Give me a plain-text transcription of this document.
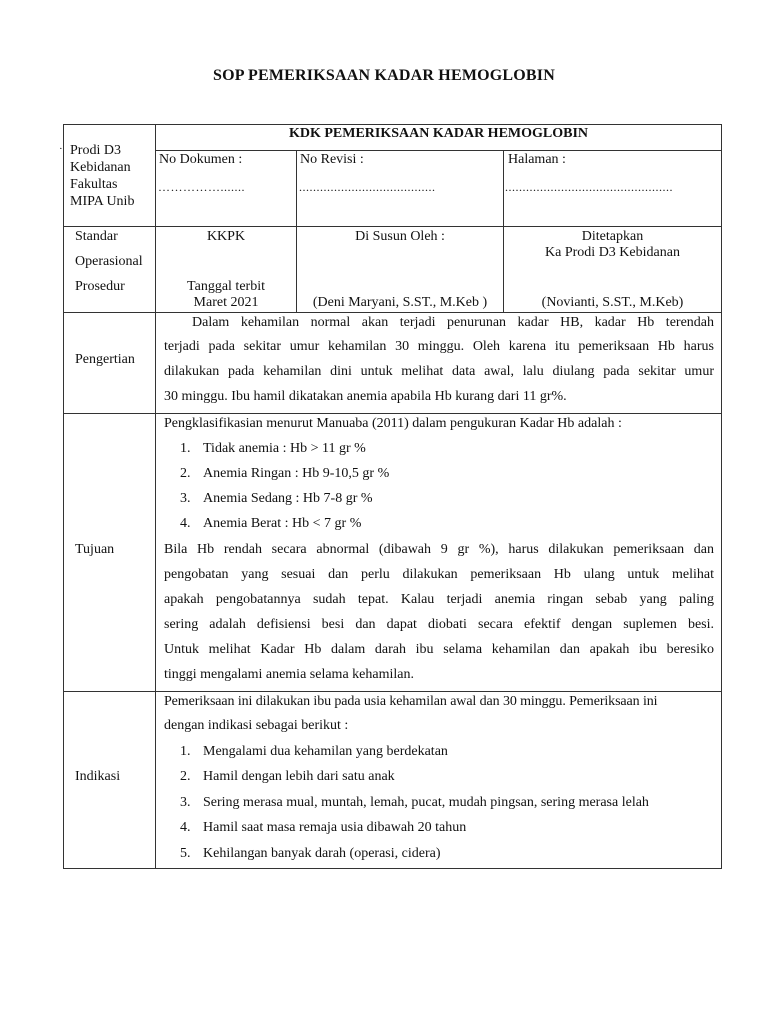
SOP PEMERIKSAAN KADAR HEMOGLOBIN
· Prodi D3
Kebidanan
Fakultas
MIPA Unib
KDK PEMERIKSAAN KADAR HEMOGLOBIN
No Dokumen :
…………….......
No Revisi :
.......................................
Halaman :
................................................
Standar
Operasional
Prosedur
KKPK
Tanggal terbit
Maret 2021
Di Susun Oleh :
(Deni Maryani, S.ST., M.Keb )
Ditetapkan
Ka Prodi D3 Kebidanan
(Novianti, S.ST., M.Keb)
Pengertian
Dalam kehamilan normal akan terjadi penurunan kadar HB, kadar Hb terendah
terjadi pada sekitar umur kehamilan 30 minggu. Oleh karena itu pemeriksaan Hb harus
dilakukan pada kehamilan dini untuk melihat data awal, lalu diulang pada sekitar umur
30 minggu. Ibu hamil dikatakan anemia apabila Hb kurang dari 11 gr%.
Tujuan
Pengklasifikasian menurut Manuaba (2011) dalam pengukuran Kadar Hb adalah :
1. Tidak anemia : Hb > 11 gr %
2. Anemia Ringan : Hb 9-10,5 gr %
3. Anemia Sedang : Hb 7-8 gr %
4. Anemia Berat : Hb < 7 gr %
Bila Hb rendah secara abnormal (dibawah 9 gr %), harus dilakukan pemeriksaan dan
pengobatan yang sesuai dan perlu dilakukan pemeriksaan Hb ulang untuk melihat
apakah pengobatannya sudah tepat. Kalau terjadi anemia ringan sebab yang paling
sering adalah defisiensi besi dan dapat diobati secara efektif dengan suplemen besi.
Untuk melihat Kadar Hb dalam darah ibu selama kehamilan dan apakah ibu beresiko
tinggi mengalami anemia selama kehamilan.
Indikasi
Pemeriksaan ini dilakukan ibu pada usia kehamilan awal dan 30 minggu. Pemeriksaan ini
dengan indikasi sebagai berikut :
1. Mengalami dua kehamilan yang berdekatan
2. Hamil dengan lebih dari satu anak
3. Sering merasa mual, muntah, lemah, pucat, mudah pingsan, sering merasa lelah
4. Hamil saat masa remaja usia dibawah 20 tahun
5. Kehilangan banyak darah (operasi, cidera)
